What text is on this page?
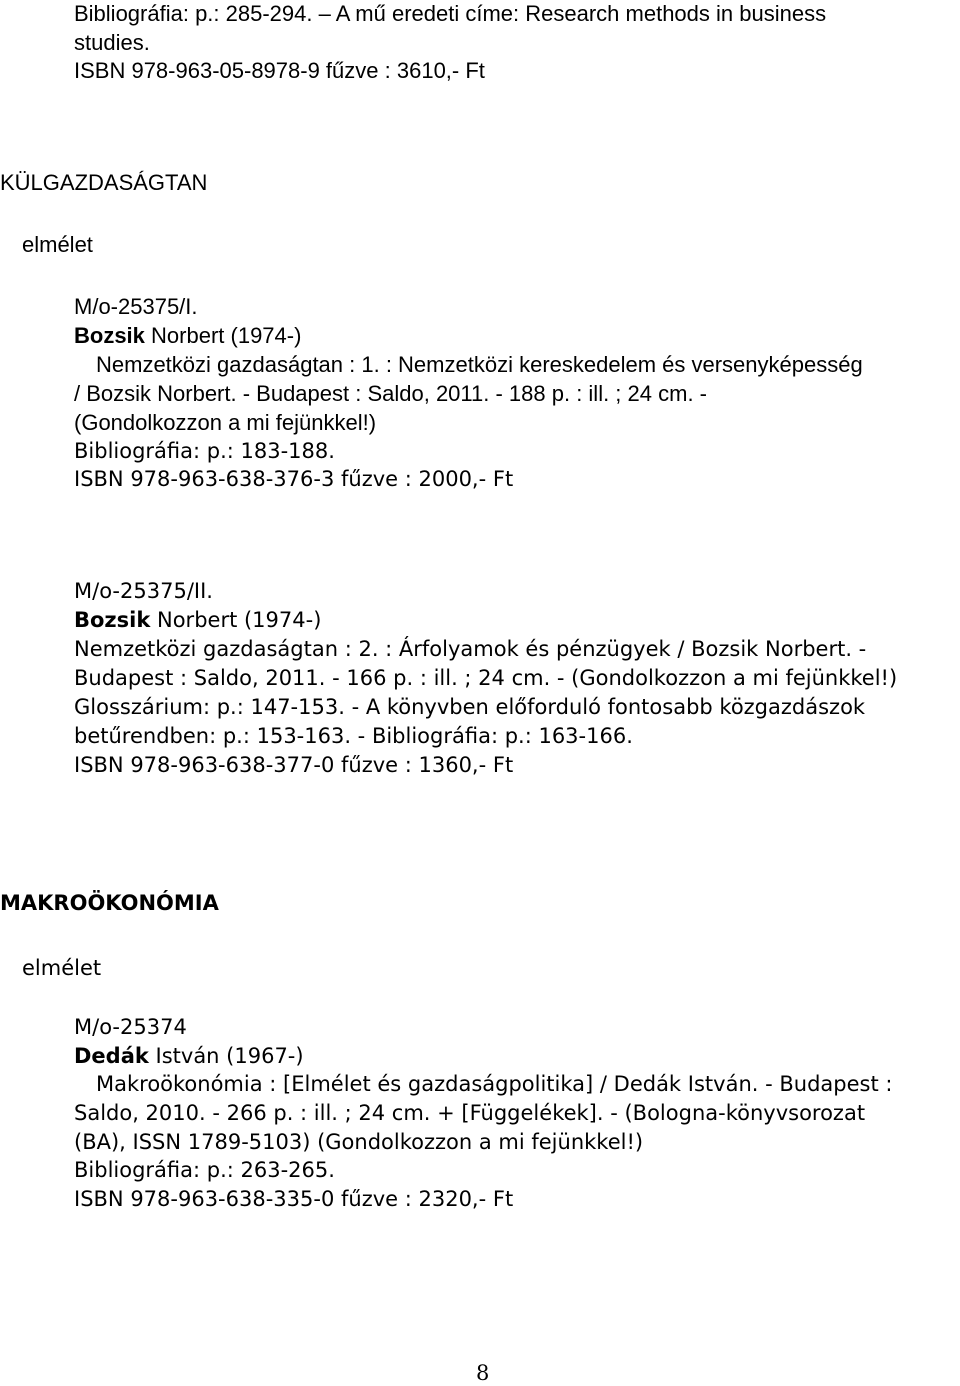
Bibliográfia: p.: 285-294. – A mű eredeti címe: Research methods in business
studies.
ISBN 978-963-05-8978-9 fűzve : 3610,- Ft
KÜLGAZDASÁGTAN
elmélet
M/o-25375/I.
Bozsik Norbert (1974-)
Nemzetközi gazdaságtan : 1. : Nemzetközi kereskedelem és versenyképesség
/ Bozsik Norbert. - Budapest : Saldo, 2011. - 188 p. : ill. ; 24 cm. -
(Gondolkozzon a mi fejünkkel!)
Bibliográfia: p.: 183-188.
ISBN 978-963-638-376-3 fűzve : 2000,- Ft
M/o-25375/II.
Bozsik Norbert (1974-)
Nemzetközi gazdaságtan : 2. : Árfolyamok és pénzügyek / Bozsik Norbert. -
Budapest : Saldo, 2011. - 166 p. : ill. ; 24 cm. - (Gondolkozzon a mi fejünkkel!)
Glosszárium: p.: 147-153. - A könyvben előforduló fontosabb közgazdászok
betűrendben: p.: 153-163. - Bibliográfia: p.: 163-166.
ISBN 978-963-638-377-0 fűzve : 1360,- Ft
MAKROÖKONÓMIA
elmélet
M/o-25374
Dedák István (1967-)
Makroökonómia : [Elmélet és gazdaságpolitika] / Dedák István. - Budapest :
Saldo, 2010. - 266 p. : ill. ; 24 cm. + [Függelékek]. - (Bologna-könyvsorozat
(BA), ISSN 1789-5103) (Gondolkozzon a mi fejünkkel!)
Bibliográfia: p.: 263-265.
ISBN 978-963-638-335-0 fűzve : 2320,- Ft
8
